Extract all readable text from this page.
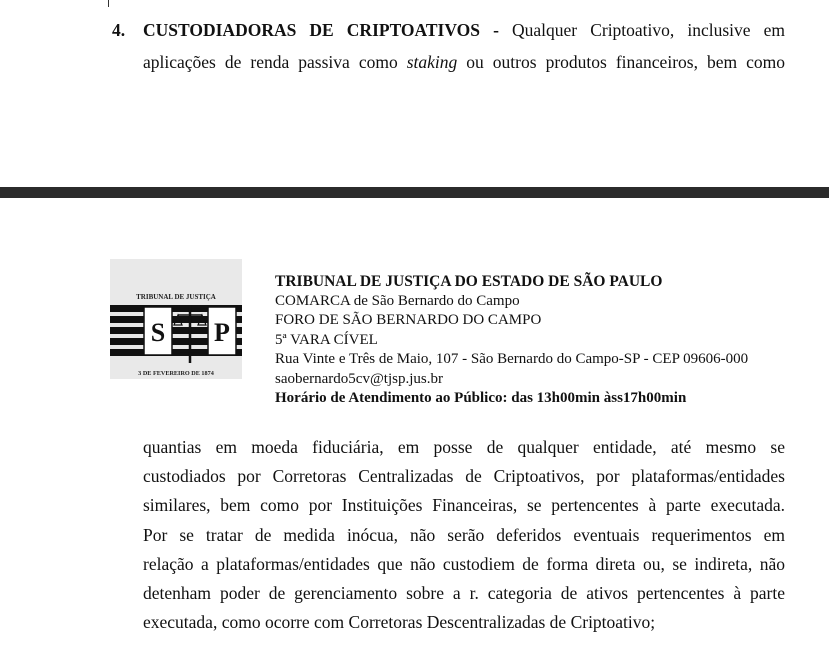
4. CUSTODIADORAS DE CRIPTOATIVOS - Qualquer Criptoativo, inclusive em
aplicações de renda passiva como staking ou outros produtos financeiros, bem como
TRIBUNAL DE JUSTIÇA
S P
3 DE FEVEREIRO DE 1874
TRIBUNAL DE JUSTIÇA DO ESTADO DE SÃO PAULO
COMARCA de São Bernardo do Campo
FORO DE SÃO BERNARDO DO CAMPO
5ª VARA CÍVEL
Rua Vinte e Três de Maio, 107 - São Bernardo do Campo-SP - CEP 09606-000
saobernardo5cv@tjsp.jus.br
Horário de Atendimento ao Público: das 13h00min àss17h00min
quantias em moeda fiduciária, em posse de qualquer entidade, até mesmo se
custodiados por Corretoras Centralizadas de Criptoativos, por plataformas/entidades
similares, bem como por Instituições Financeiras, se pertencentes à parte executada.
Por se tratar de medida inócua, não serão deferidos eventuais requerimentos em
relação a plataformas/entidades que não custodiem de forma direta ou, se indireta, não
detenham poder de gerenciamento sobre a r. categoria de ativos pertencentes à parte
executada, como ocorre com Corretoras Descentralizadas de Criptoativo;
